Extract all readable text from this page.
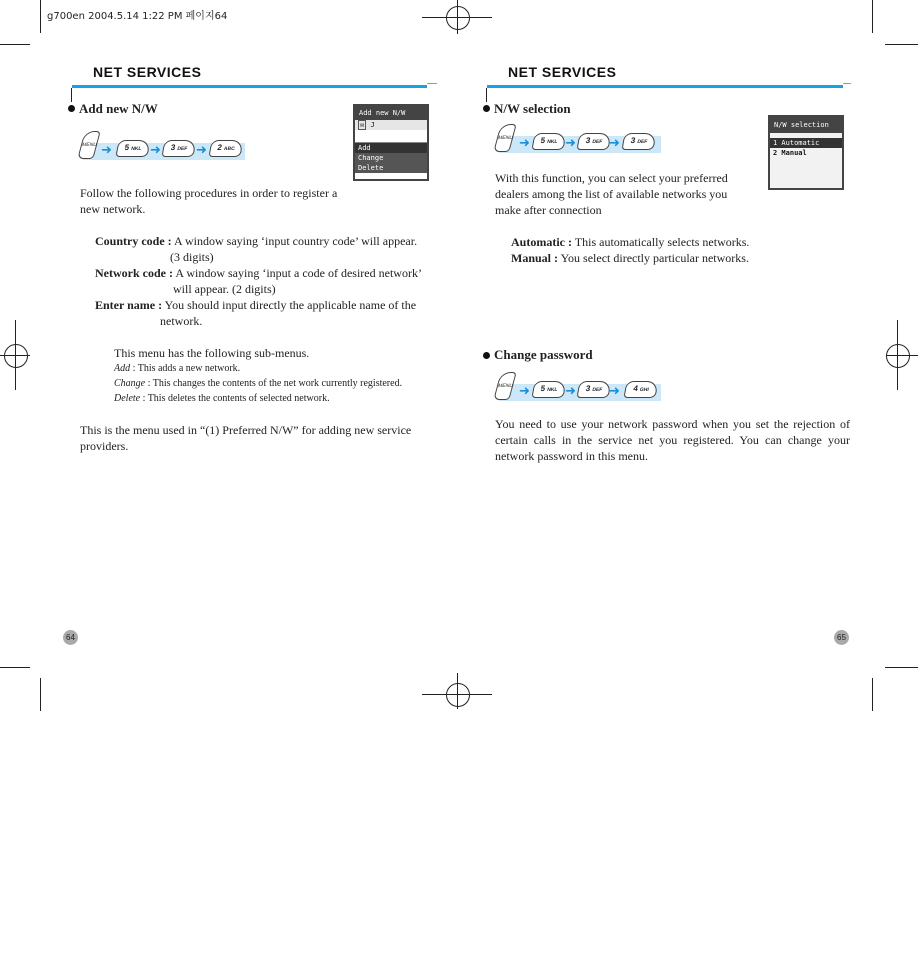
g700en 2004.5.14 1:22 PM 페이지64
NET SERVICES
Add new N/W
MENU ➜	5 NKL ➜	3 DEF ➜	2 ABC
Add new N/W
✉ J
Add
Change
Delete
Follow the following procedures in order to register a
new network.
Country code : A window saying ‘input country code’ will appear.
(3 digits)
Network code : A window saying ‘input a code of desired network’
will appear. (2 digits)
Enter name : You should input directly the applicable name of the
network.
This menu has the following sub-menus.
Add : This adds a new network.
Change : This changes the contents of the net work currently registered.
Delete : This deletes the contents of selected network.
This is the menu used in “(1) Preferred N/W” for adding new service
providers.
64
NET SERVICES
N/W selection
MENU ➜	5 NKL ➜	3 DEF ➜	3 DEF
N/W selection
1 Automatic
2 Manual
With this function, you can select your preferred
dealers among the list of available networks you
make after connection
Automatic : This automatically selects networks.
Manual : You select directly particular networks.
Change password
MENU ➜	5 NKL ➜	3 DEF ➜	4 GHI
You need to use your network password when you set the rejection of
certain calls in the service net you registered. You can change your
network password in this menu.
65
